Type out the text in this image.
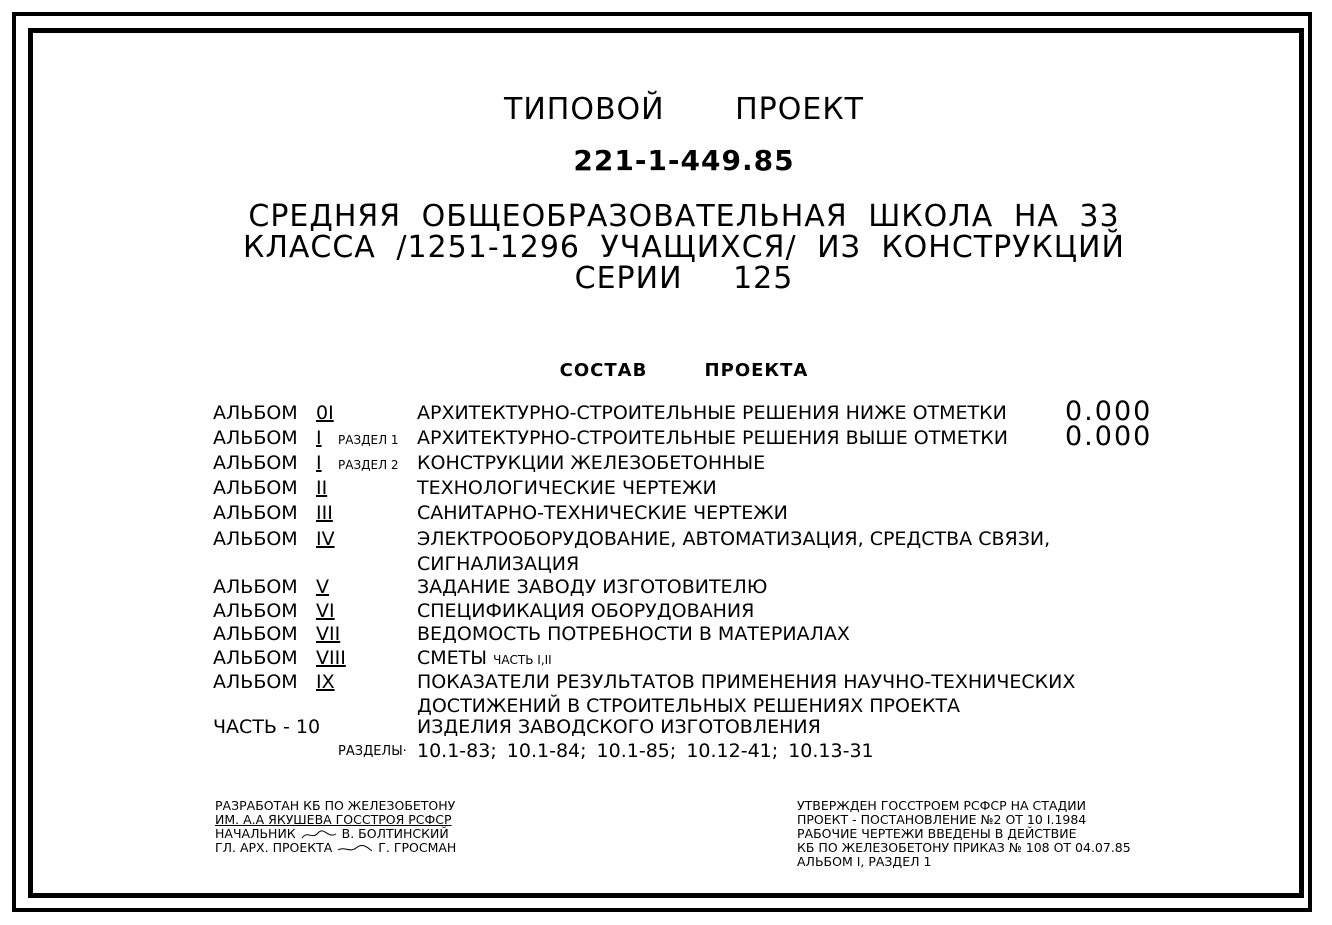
ТИПОВОЙ ПРОЕКТ
221-1-449.85
СРЕДНЯЯ ОБЩЕОБРАЗОВАТЕЛЬНАЯ ШКОЛА НА 33
КЛАССА /1251-1296 УЧАЩИХСЯ/ ИЗ КОНСТРУКЦИЙ
СЕРИИ 125
СОСТАВ ПРОЕКТА
АЛЬБОМ 0I	АРХИТЕКТУРНО-СТРОИТЕЛЬНЫЕ РЕШЕНИЯ НИЖЕ ОТМЕТКИ 0.000
АЛЬБОМ I РАЗДЕЛ 1 АРХИТЕКТУРНО-СТРОИТЕЛЬНЫЕ РЕШЕНИЯ ВЫШЕ ОТМЕТКИ 0.000
АЛЬБОМ I РАЗДЕЛ 2 КОНСТРУКЦИИ ЖЕЛЕЗОБЕТОННЫЕ
АЛЬБОМ II	ТЕХНОЛОГИЧЕСКИЕ ЧЕРТЕЖИ
АЛЬБОМ III	САНИТАРНО-ТЕХНИЧЕСКИЕ ЧЕРТЕЖИ
АЛЬБОМ IV	ЭЛЕКТРООБОРУДОВАНИЕ, АВТОМАТИЗАЦИЯ, СРЕДСТВА СВЯЗИ,
СИГНАЛИЗАЦИЯ
АЛЬБОМ V	ЗАДАНИЕ ЗАВОДУ ИЗГОТОВИТЕЛЮ
АЛЬБОМ VI	СПЕЦИФИКАЦИЯ ОБОРУДОВАНИЯ
АЛЬБОМ VII	ВЕДОМОСТЬ ПОТРЕБНОСТИ В МАТЕРИАЛАХ
АЛЬБОМ VIII	СМЕТЫ ЧАСТЬ I,II
АЛЬБОМ IX	ПОКАЗАТЕЛИ РЕЗУЛЬТАТОВ ПРИМЕНЕНИЯ НАУЧНО-ТЕХНИЧЕСКИХ
ДОСТИЖЕНИЙ В СТРОИТЕЛЬНЫХ РЕШЕНИЯХ ПРОЕКТА
ЧАСТЬ - 10	ИЗДЕЛИЯ ЗАВОДСКОГО ИЗГОТОВЛЕНИЯ
РАЗДЕЛЫ· 10.1-83; 10.1-84; 10.1-85; 10.12-41; 10.13-31
РАЗРАБОТАН КБ ПО ЖЕЛЕЗОБЕТОНУ
ИМ. А.А ЯКУШЕВА ГОССТРОЯ РСФСР
НАЧАЛЬНИК	В. БОЛТИНСКИЙ
ГЛ. АРХ. ПРОЕКТА	Г. ГРОСМАН
УТВЕРЖДЕН ГОССТРОЕМ РСФСР НА СТАДИИ
ПРОЕКТ - ПОСТАНОВЛЕНИЕ №2 ОТ 10 I.1984
РАБОЧИЕ ЧЕРТЕЖИ ВВЕДЕНЫ В ДЕЙСТВИЕ
КБ ПО ЖЕЛЕЗОБЕТОНУ ПРИКАЗ № 108 ОТ 04.07.85
АЛЬБОМ I, РАЗДЕЛ 1
